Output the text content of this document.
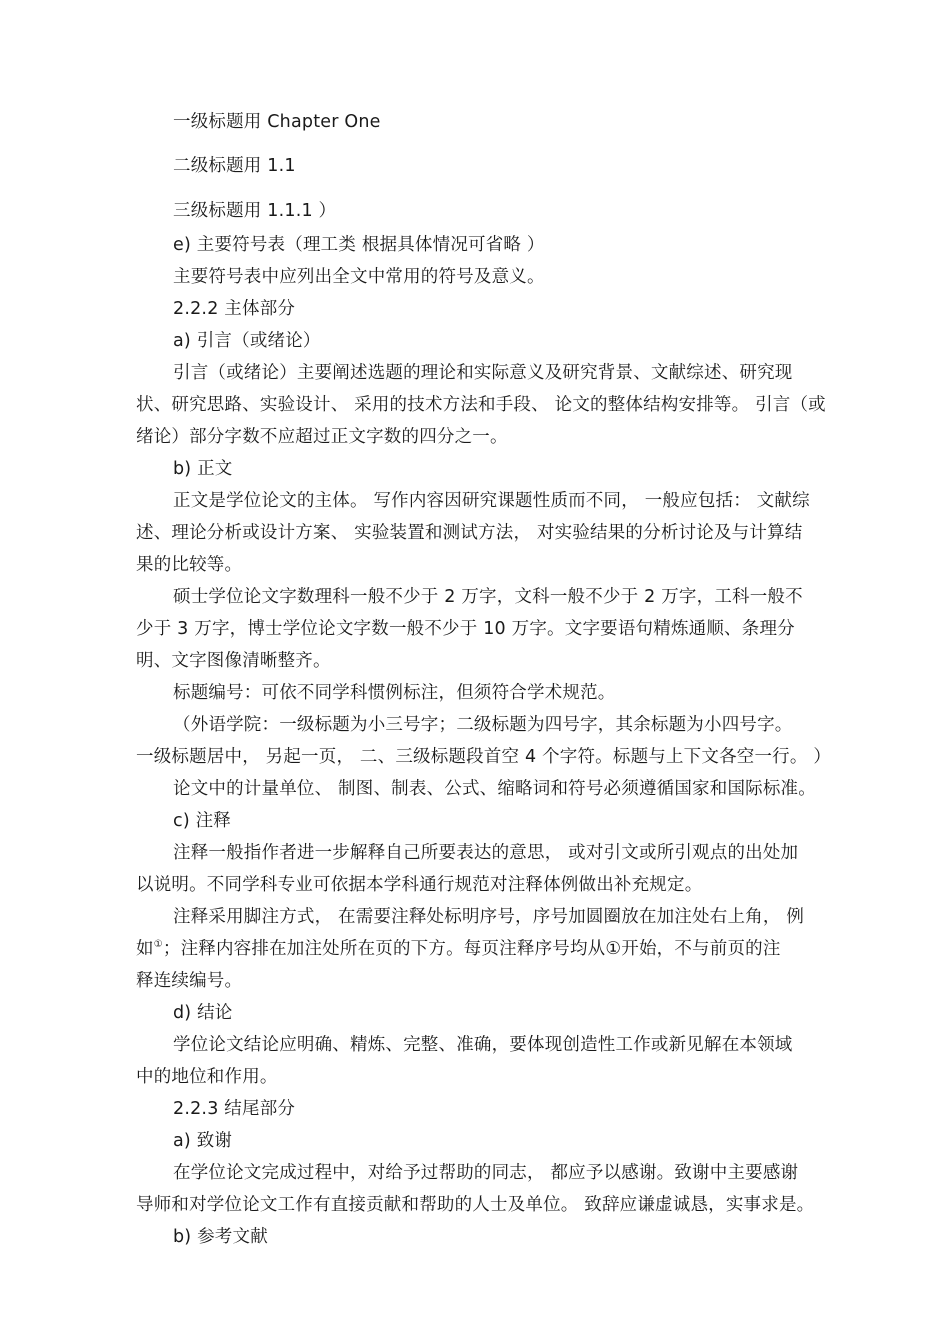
一级标题用 Chapter One
二级标题用 1.1
三级标题用 1.1.1 ）
e) 主要符号表（理工类 根据具体情况可省略 ）
主要符号表中应列出全文中常用的符号及意义。
2.2.2 主体部分
a) 引言（或绪论）
引言（或绪论）主要阐述选题的理论和实际意义及研究背景、文献综述、研究现
状、研究思路、实验设计、 采用的技术方法和手段、 论文的整体结构安排等。 引言（或
绪论）部分字数不应超过正文字数的四分之一。
b) 正文
正文是学位论文的主体。 写作内容因研究课题性质而不同， 一般应包括： 文献综
述、理论分析或设计方案、 实验装置和测试方法， 对实验结果的分析讨论及与计算结
果的比较等。
硕士学位论文字数理科一般不少于 2 万字，文科一般不少于 2 万字，工科一般不
少于 3 万字，博士学位论文字数一般不少于 10 万字。文字要语句精炼通顺、条理分
明、文字图像清晰整齐。
标题编号：可依不同学科惯例标注，但须符合学术规范。
（外语学院：一级标题为小三号字；二级标题为四号字，其余标题为小四号字。
一级标题居中， 另起一页， 二、三级标题段首空 4 个字符。标题与上下文各空一行。 ）
论文中的计量单位、 制图、制表、公式、缩略词和符号必须遵循国家和国际标准。
c) 注释
注释一般指作者进一步解释自己所要表达的意思， 或对引文或所引观点的出处加
以说明。不同学科专业可依据本学科通行规范对注释体例做出补充规定。
注释采用脚注方式， 在需要注释处标明序号，序号加圆圈放在加注处右上角， 例
如①；注释内容排在加注处所在页的下方。每页注释序号均从①开始，不与前页的注
释连续编号。
d) 结论
学位论文结论应明确、精炼、完整、准确，要体现创造性工作或新见解在本领域
中的地位和作用。
2.2.3 结尾部分
a) 致谢
在学位论文完成过程中，对给予过帮助的同志， 都应予以感谢。致谢中主要感谢
导师和对学位论文工作有直接贡献和帮助的人士及单位。 致辞应谦虚诚恳，实事求是。
b) 参考文献
